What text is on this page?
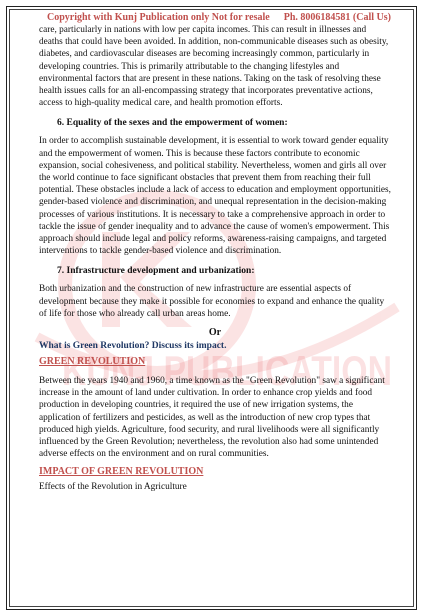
KUNJ PUBLICATION
Copyright with Kunj Publication only Not for resale Ph. 8006184581 (Call Us)

care, particularly in nations with low per capita incomes. This can result in illnesses and deaths that could have been avoided. In addition, non-communicable diseases such as obesity, diabetes, and cardiovascular diseases are becoming increasingly common, particularly in developing countries. This is primarily attributable to the changing lifestyles and environmental factors that are present in these nations. Taking on the task of resolving these health issues calls for an all-encompassing strategy that incorporates preventative actions, access to high-quality medical care, and health promotion efforts.

6. Equality of the sexes and the empowerment of women:

In order to accomplish sustainable development, it is essential to work toward gender equality and the empowerment of women. This is because these factors contribute to economic expansion, social cohesiveness, and political stability. Nevertheless, women and girls all over the world continue to face significant obstacles that prevent them from reaching their full potential. These obstacles include a lack of access to education and employment opportunities, gender-based violence and discrimination, and unequal representation in the decision-making processes of various institutions. It is necessary to take a comprehensive approach in order to tackle the issue of gender inequality and to advance the cause of women's empowerment. This approach should include legal and policy reforms, awareness-raising campaigns, and targeted interventions to tackle gender-based violence and discrimination.

7. Infrastructure development and urbanization:

Both urbanization and the construction of new infrastructure are essential aspects of development because they make it possible for economies to expand and enhance the quality of life for those who already call urban areas home.

Or
What is Green Revolution? Discuss its impact.
GREEN REVOLUTION

Between the years 1940 and 1960, a time known as the "Green Revolution" saw a significant increase in the amount of land under cultivation. In order to enhance crop yields and food production in developing countries, it required the use of new irrigation systems, the application of fertilizers and pesticides, as well as the introduction of new crop types that produced high yields. Agriculture, food security, and rural livelihoods were all significantly influenced by the Green Revolution; nevertheless, the revolution also had some unintended adverse effects on the environment and on rural communities.

IMPACT OF GREEN REVOLUTION

Effects of the Revolution in Agriculture
